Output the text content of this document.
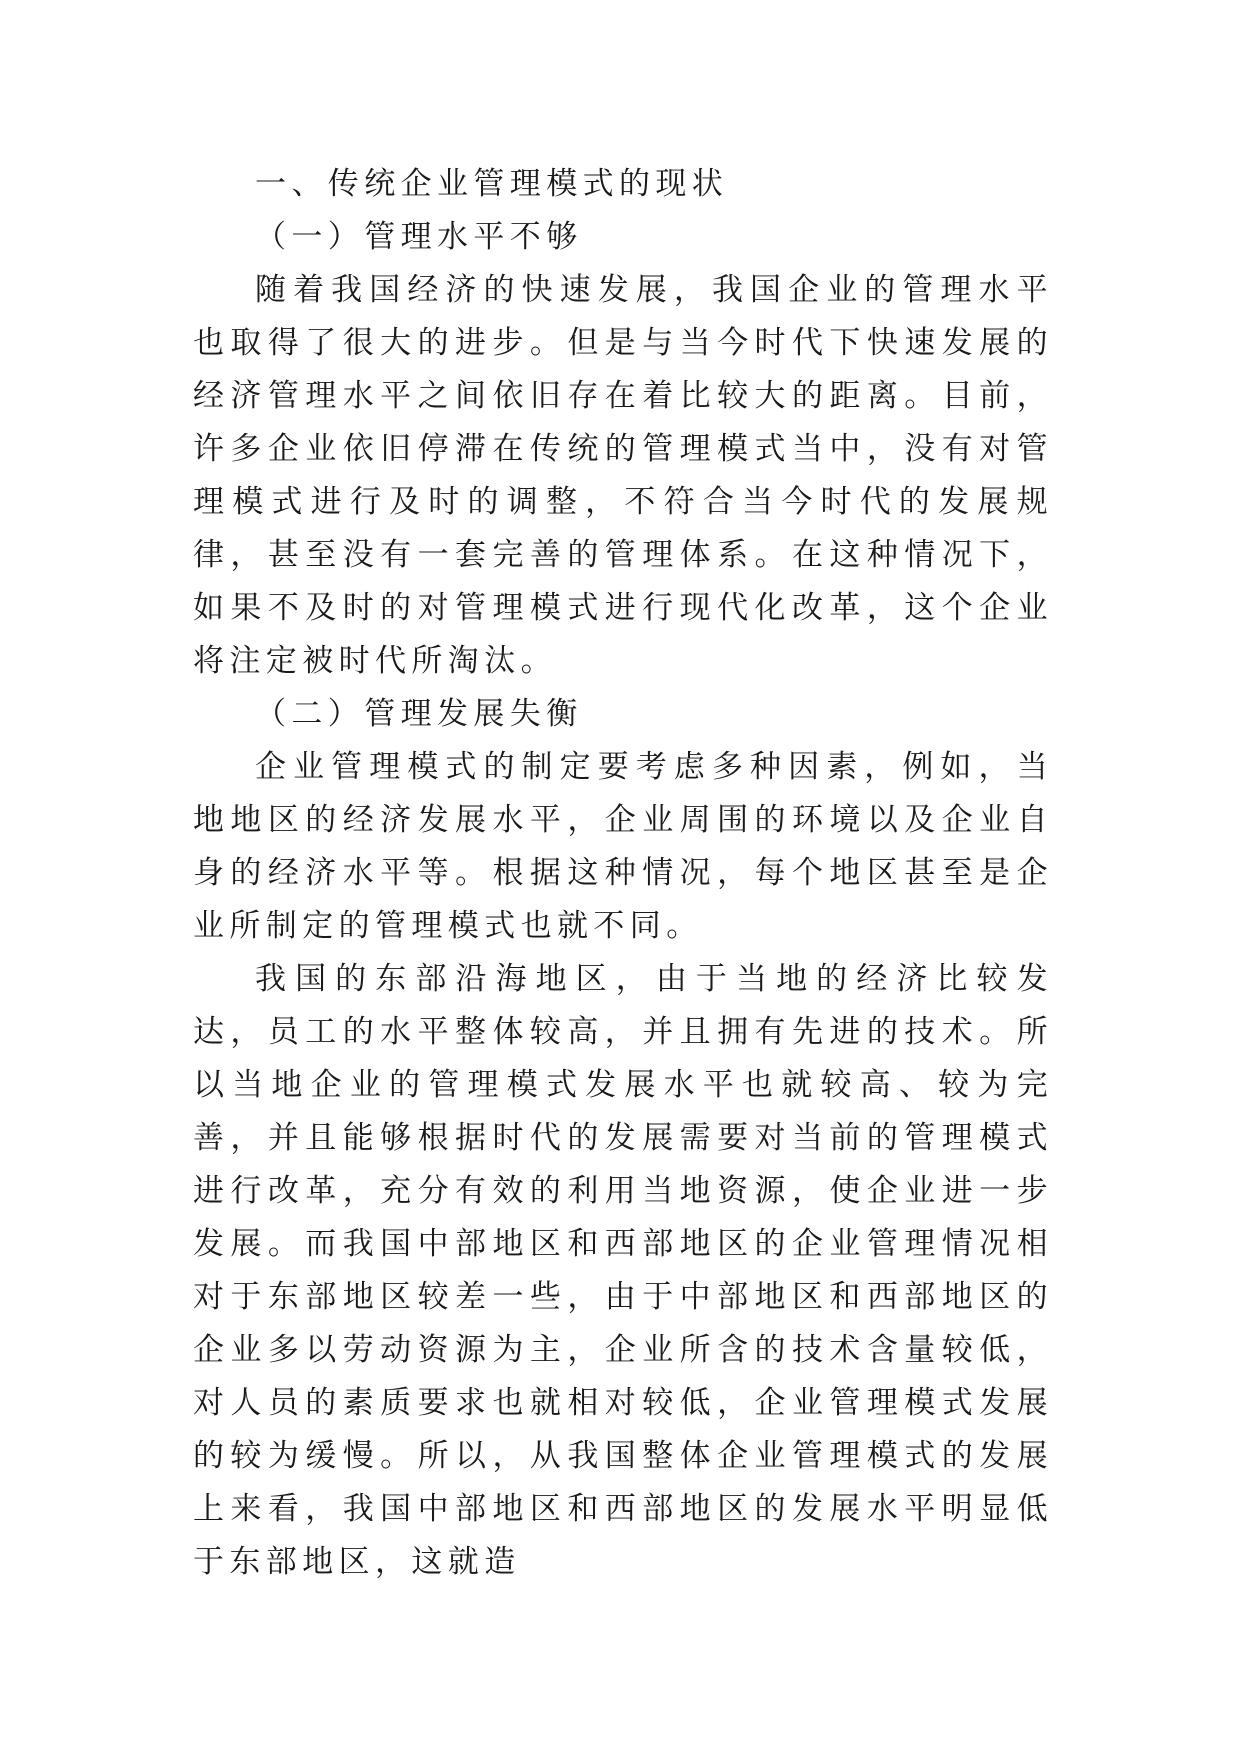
一、传统企业管理模式的现状

（一）管理水平不够

随着我国经济的快速发展，我国企业的管理水平也取得了很大的进步。但是与当今时代下快速发展的经济管理水平之间依旧存在着比较大的距离。目前，许多企业依旧停滞在传统的管理模式当中，没有对管理模式进行及时的调整，不符合当今时代的发展规律，甚至没有一套完善的管理体系。在这种情况下，如果不及时的对管理模式进行现代化改革，这个企业将注定被时代所淘汰。

（二）管理发展失衡

企业管理模式的制定要考虑多种因素，例如，当地地区的经济发展水平，企业周围的环境以及企业自身的经济水平等。根据这种情况，每个地区甚至是企业所制定的管理模式也就不同。

我国的东部沿海地区，由于当地的经济比较发达，员工的水平整体较高，并且拥有先进的技术。所以当地企业的管理模式发展水平也就较高、较为完善，并且能够根据时代的发展需要对当前的管理模式进行改革，充分有效的利用当地资源，使企业进一步发展。而我国中部地区和西部地区的企业管理情况相对于东部地区较差一些，由于中部地区和西部地区的企业多以劳动资源为主，企业所含的技术含量较低，对人员的素质要求也就相对较低，企业管理模式发展的较为缓慢。所以，从我国整体企业管理模式的发展上来看，我国中部地区和西部地区的发展水平明显低于东部地区，这就造
